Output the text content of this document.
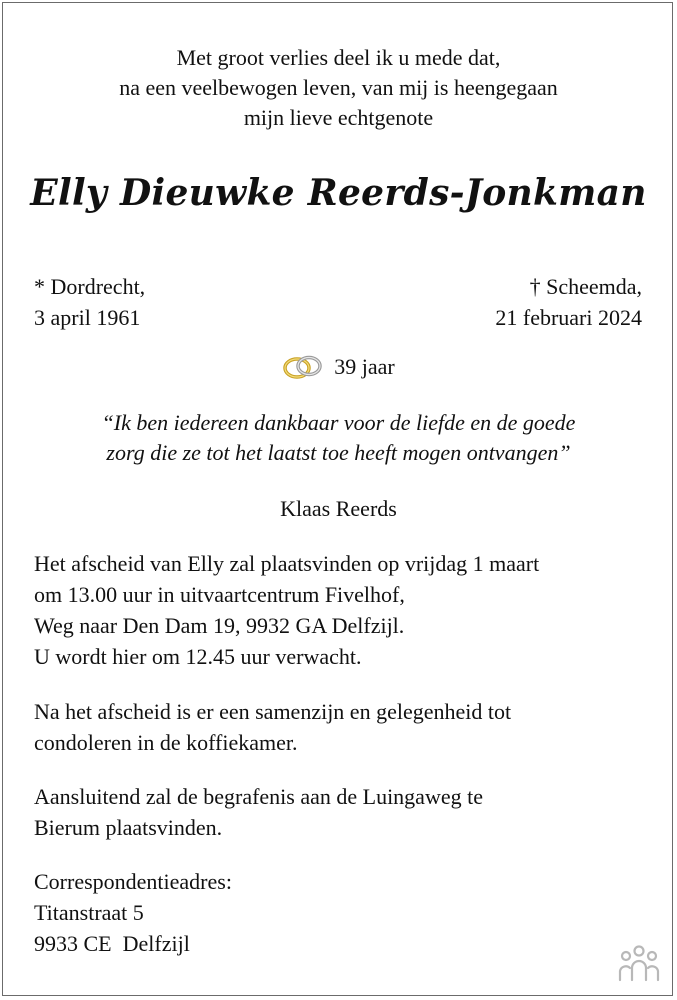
Met groot verlies deel ik u mede dat,
na een veelbewogen leven, van mij is heengegaan
mijn lieve echtgenote
Elly Dieuwke Reerds-Jonkman
* Dordrecht,
3 april 1961
† Scheemda,
21 februari 2024
39 jaar
“Ik ben iedereen dankbaar voor de liefde en de goede
zorg die ze tot het laatst toe heeft mogen ontvangen”
Klaas Reerds
Het afscheid van Elly zal plaatsvinden op vrijdag 1 maart
om 13.00 uur in uitvaartcentrum Fivelhof,
Weg naar Den Dam 19, 9932 GA Delfzijl.
U wordt hier om 12.45 uur verwacht.
Na het afscheid is er een samenzijn en gelegenheid tot
condoleren in de koffiekamer.
Aansluitend zal de begrafenis aan de Luingaweg te
Bierum plaatsvinden.
Correspondentieadres:
Titanstraat 5
9933 CE  Delfzijl
